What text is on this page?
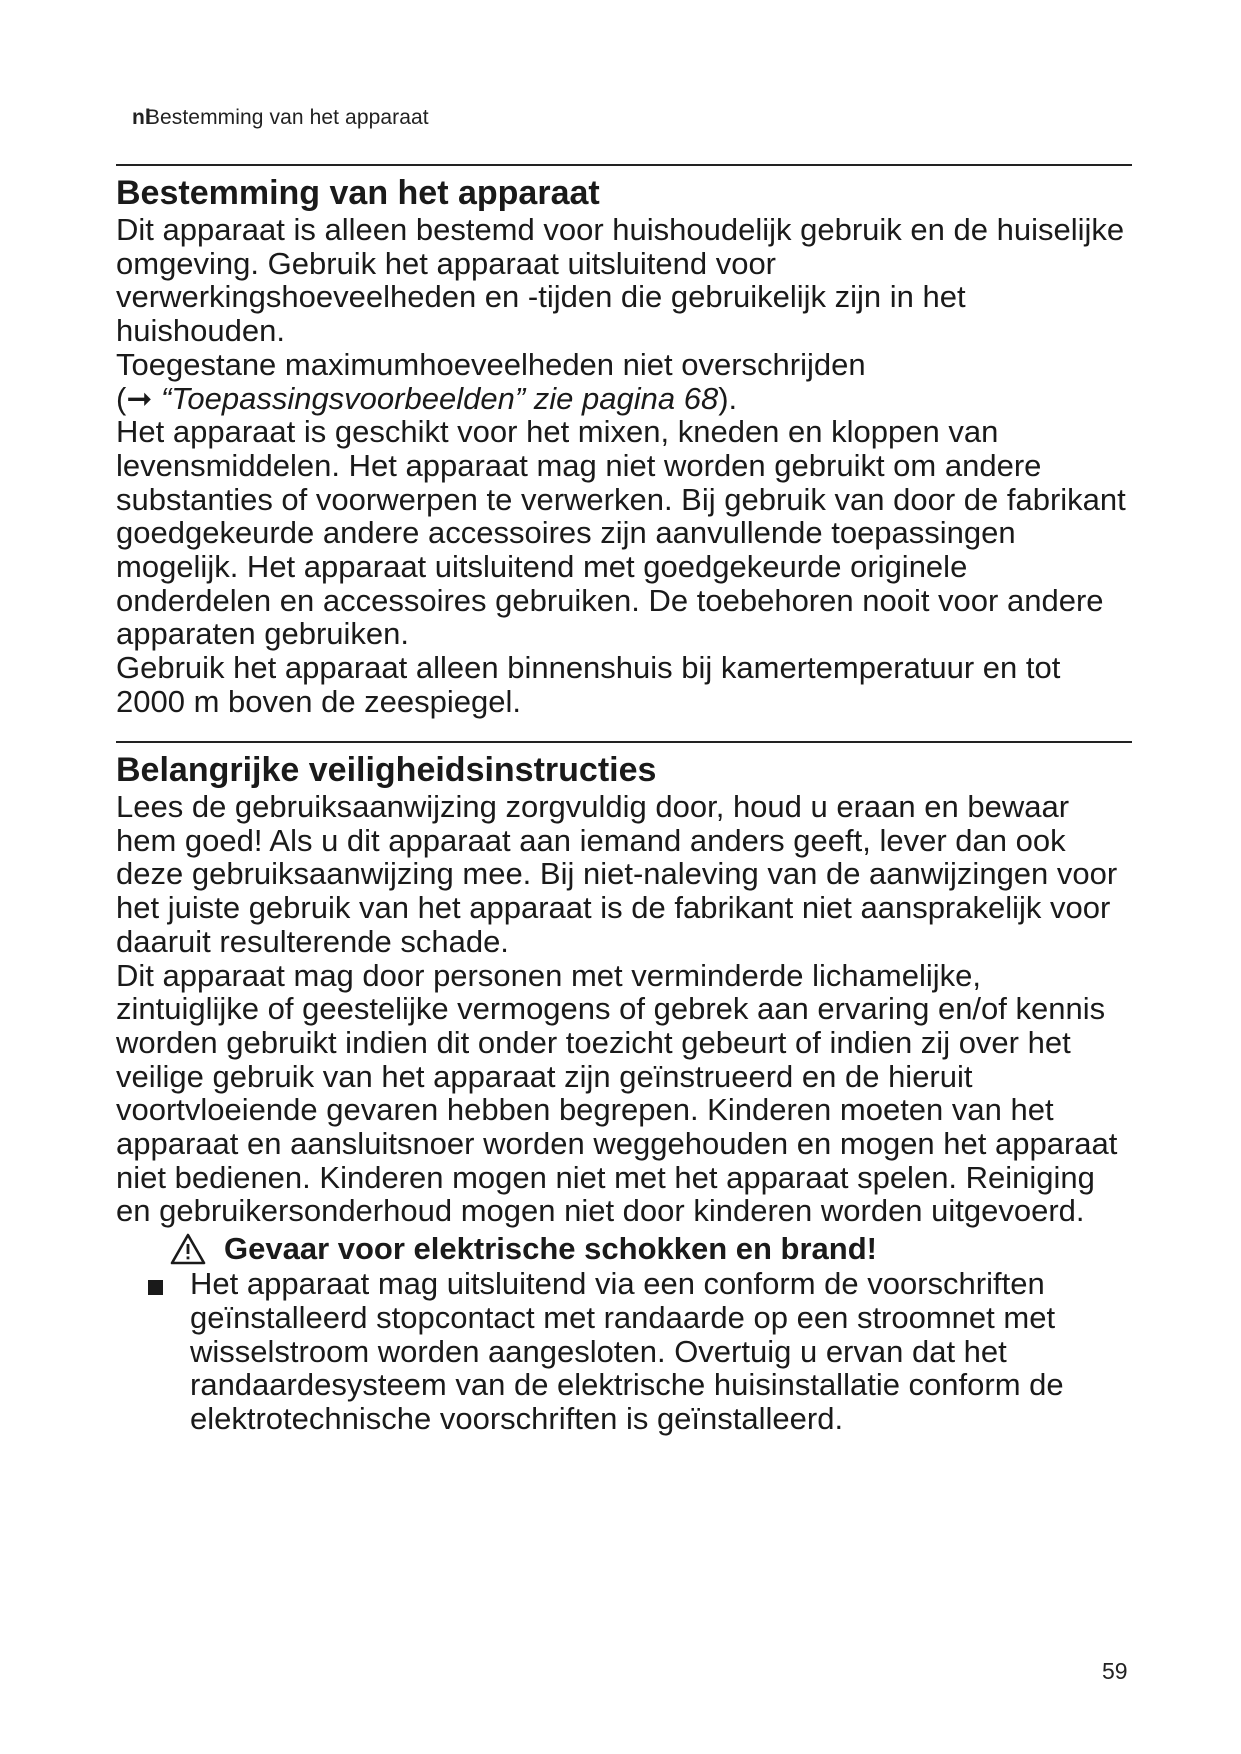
nlBestemming van het apparaat
Bestemming van het apparaat

Dit apparaat is alleen bestemd voor huishoudelijk gebruik en de huiselijke omgeving. Gebruik het apparaat uitsluitend voor verwerkingshoeveelheden en -tijden die gebruikelijk zijn in het huishouden.

Toegestane maximumhoeveelheden niet overschrijden
(➞ “Toepassingsvoorbeelden” zie pagina 68).

Het apparaat is geschikt voor het mixen, kneden en kloppen van levensmiddelen. Het apparaat mag niet worden gebruikt om andere substanties of voorwerpen te verwerken. Bij gebruik van door de fabrikant goedgekeurde andere accessoires zijn aanvullende toepassingen mogelijk. Het apparaat uitsluitend met goedgekeurde originele onderdelen en accessoires gebruiken. De toebehoren nooit voor andere apparaten gebruiken.

Gebruik het apparaat alleen binnenshuis bij kamertemperatuur en tot 2000 m boven de zeespiegel.

Belangrijke veiligheidsinstructies

Lees de gebruiksaanwijzing zorgvuldig door, houd u eraan en bewaar hem goed! Als u dit apparaat aan iemand anders geeft, lever dan ook deze gebruiksaanwijzing mee. Bij niet-naleving van de aanwijzingen voor het juiste gebruik van het apparaat is de fabrikant niet aansprakelijk voor daaruit resulterende schade.

Dit apparaat mag door personen met verminderde lichamelijke, zintuiglijke of geestelijke vermogens of gebrek aan ervaring en/of kennis worden gebruikt indien dit onder toezicht gebeurt of indien zij over het veilige gebruik van het apparaat zijn geïnstrueerd en de hieruit voortvloeiende gevaren hebben begrepen. Kinderen moeten van het apparaat en aansluitsnoer worden weggehouden en mogen het apparaat niet bedienen. Kinderen mogen niet met het apparaat spelen. Reiniging en gebruikersonderhoud mogen niet door kinderen worden uitgevoerd.

Gevaar voor elektrische schokken en brand!
Het apparaat mag uitsluitend via een conform de voorschriften geïnstalleerd stopcontact met randaarde op een stroomnet met wisselstroom worden aangesloten. Overtuig u ervan dat het randaardesysteem van de elektrische huisinstallatie conform de elektrotechnische voorschriften is geïnstalleerd.
59
